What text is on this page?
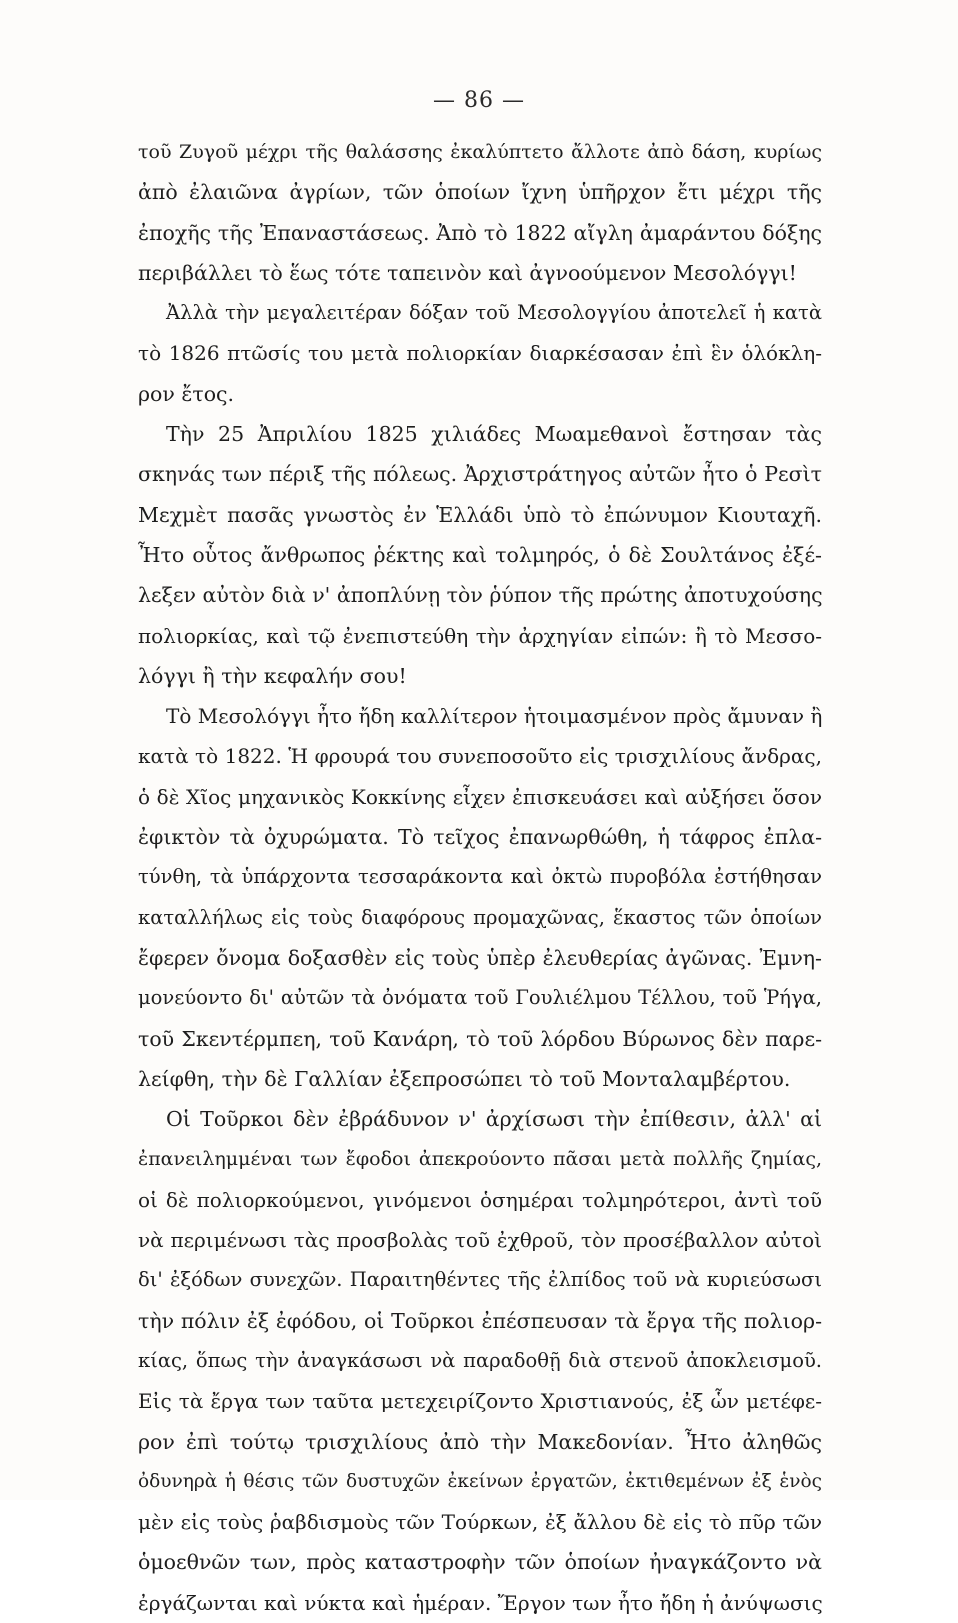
— 86 —
τοῦ Ζυγοῦ μέχρι τῆς θαλάσσης ἐκαλύπτετο ἄλλοτε ἀπὸ δάση, κυρίως
ἀπὸ ἐλαιῶνα ἀγρίων, τῶν ὁποίων ἴχνη ὑπῆρχον ἔτι μέχρι τῆς
ἐποχῆς τῆς Ἐπαναστάσεως. Ἀπὸ τὸ 1822 αἴγλη ἀμαράντου δόξης
περιβάλλει τὸ ἕως τότε ταπεινὸν καὶ ἀγνοούμενον Μεσολόγγι!
Ἀλλὰ τὴν μεγαλειτέραν δόξαν τοῦ Μεσολογγίου ἀποτελεῖ ἡ κατὰ
τὸ 1826 πτῶσίς του μετὰ πολιορκίαν διαρκέσασαν ἐπὶ ἓν ὁλόκλη-
ρον ἔτος.
Τὴν 25 Ἀπριλίου 1825 χιλιάδες Μωαμεθανοὶ ἔστησαν τὰς
σκηνάς των πέριξ τῆς πόλεως. Ἀρχιστράτηγος αὐτῶν ἦτο ὁ Ρεσὶτ
Μεχμὲτ πασᾶς γνωστὸς ἐν Ἑλλάδι ὑπὸ τὸ ἐπώνυμον Κιουταχῆ.
Ἦτο οὗτος ἄνθρωπος ῥέκτης καὶ τολμηρός, ὁ δὲ Σουλτάνος ἐξέ-
λεξεν αὐτὸν διὰ ν' ἀποπλύνῃ τὸν ῥύπον τῆς πρώτης ἀποτυχούσης
πολιορκίας, καὶ τῷ ἐνεπιστεύθη τὴν ἀρχηγίαν εἰπών: ἢ τὸ Μεσσο-
λόγγι ἢ τὴν κεφαλήν σου!
Τὸ Μεσολόγγι ἦτο ἤδη καλλίτερον ἡτοιμασμένον πρὸς ἄμυναν ἢ
κατὰ τὸ 1822. Ἡ φρουρά του συνεποσοῦτο εἰς τρισχιλίους ἄνδρας,
ὁ δὲ Χῖος μηχανικὸς Κοκκίνης εἶχεν ἐπισκευάσει καὶ αὐξήσει ὅσον
ἐφικτὸν τὰ ὀχυρώματα. Τὸ τεῖχος ἐπανωρθώθη, ἡ τάφρος ἐπλα-
τύνθη, τὰ ὑπάρχοντα τεσσαράκοντα καὶ ὀκτὼ πυροβόλα ἐστήθησαν
καταλλήλως εἰς τοὺς διαφόρους προμαχῶνας, ἕκαστος τῶν ὁποίων
ἔφερεν ὄνομα δοξασθὲν εἰς τοὺς ὑπὲρ ἐλευθερίας ἀγῶνας. Ἐμνη-
μονεύοντο δι' αὐτῶν τὰ ὀνόματα τοῦ Γουλιέλμου Τέλλου, τοῦ Ῥήγα,
τοῦ Σκεντέρμπεη, τοῦ Κανάρη, τὸ τοῦ λόρδου Βύρωνος δὲν παρε-
λείφθη, τὴν δὲ Γαλλίαν ἐξεπροσώπει τὸ τοῦ Μονταλαμβέρτου.
Οἱ Τοῦρκοι δὲν ἐβράδυνον ν' ἀρχίσωσι τὴν ἐπίθεσιν, ἀλλ' αἱ
ἐπανειλημμέναι των ἔφοδοι ἀπεκρούοντο πᾶσαι μετὰ πολλῆς ζημίας,
οἱ δὲ πολιορκούμενοι, γινόμενοι ὁσημέραι τολμηρότεροι, ἀντὶ τοῦ
νὰ περιμένωσι τὰς προσβολὰς τοῦ ἐχθροῦ, τὸν προσέβαλλον αὐτοὶ
δι' ἐξόδων συνεχῶν. Παραιτηθέντες τῆς ἐλπίδος τοῦ νὰ κυριεύσωσι
τὴν πόλιν ἐξ ἐφόδου, οἱ Τοῦρκοι ἐπέσπευσαν τὰ ἔργα τῆς πολιορ-
κίας, ὅπως τὴν ἀναγκάσωσι νὰ παραδοθῇ διὰ στενοῦ ἀποκλεισμοῦ.
Εἰς τὰ ἔργα των ταῦτα μετεχειρίζοντο Χριστιανούς, ἐξ ὧν μετέφε-
ρον ἐπὶ τούτῳ τρισχιλίους ἀπὸ τὴν Μακεδονίαν. Ἦτο ἀληθῶς
ὀδυνηρὰ ἡ θέσις τῶν δυστυχῶν ἐκείνων ἐργατῶν, ἐκτιθεμένων ἐξ ἑνὸς
μὲν εἰς τοὺς ῥαβδισμοὺς τῶν Τούρκων, ἐξ ἄλλου δὲ εἰς τὸ πῦρ τῶν
ὁμοεθνῶν των, πρὸς καταστροφὴν τῶν ὁποίων ἠναγκάζοντο νὰ
ἐργάζωνται καὶ νύκτα καὶ ἡμέραν. Ἔργον των ἦτο ἤδη ἡ ἀνύψωσις
